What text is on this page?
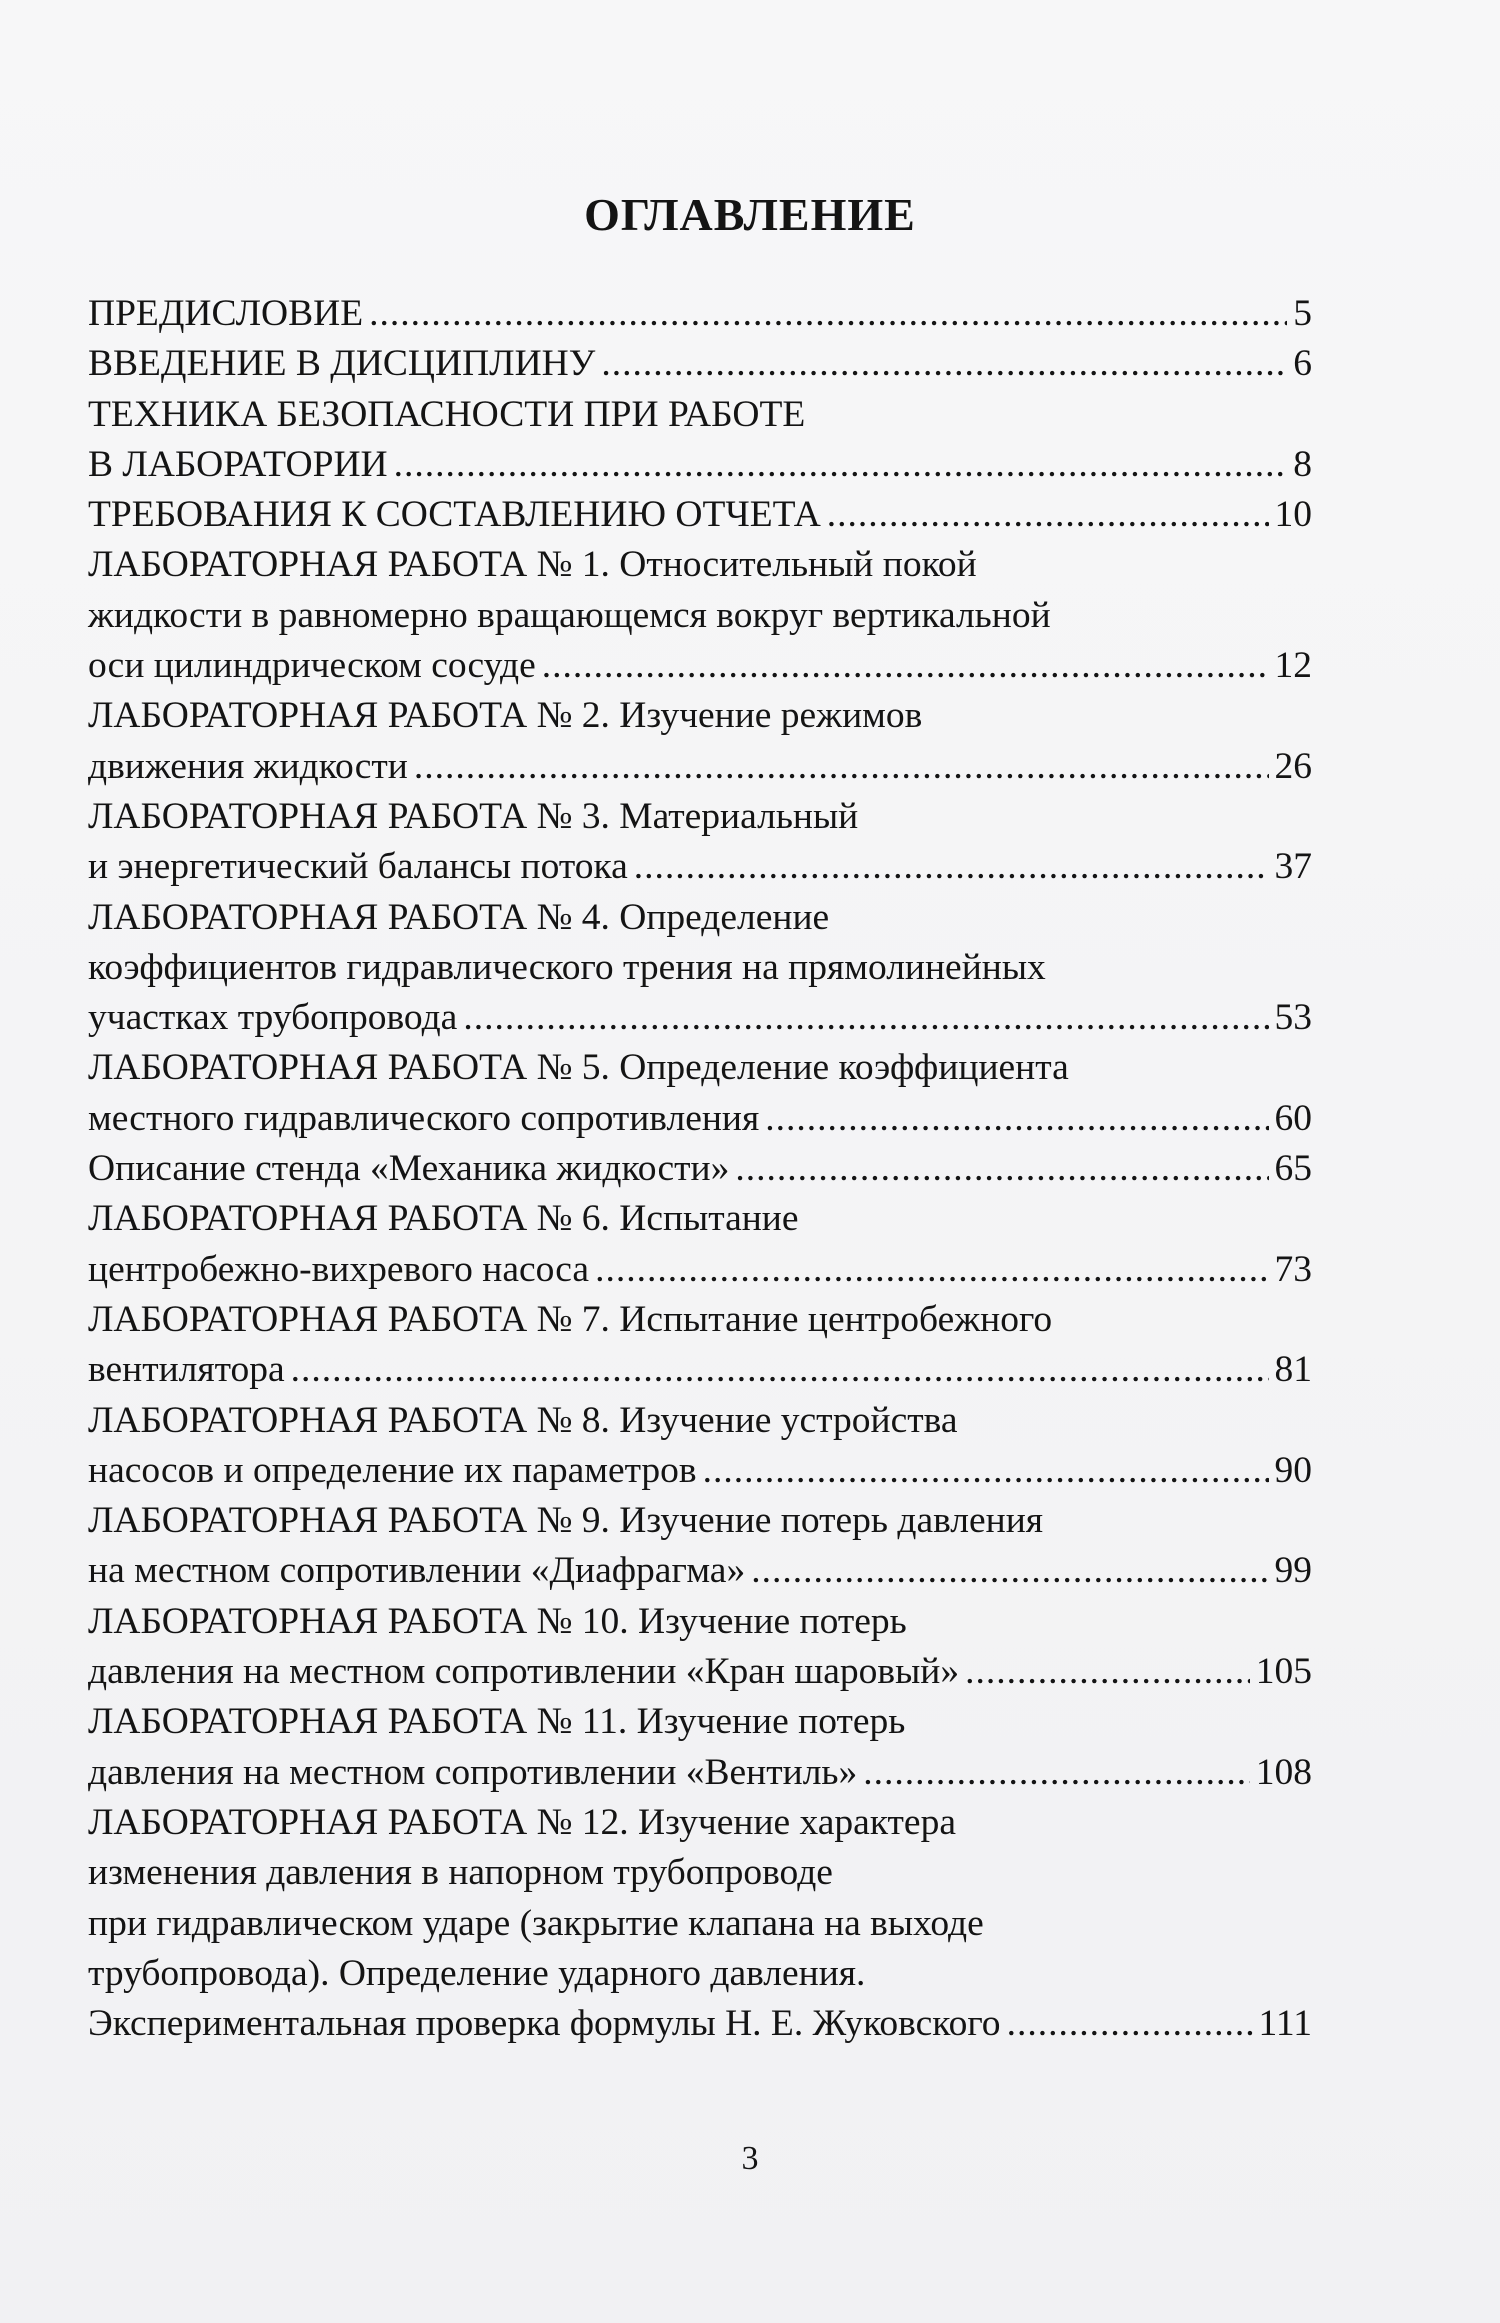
ОГЛАВЛЕНИЕ
ПРЕДИСЛОВИЕ .....	5
ВВЕДЕНИЕ В ДИСЦИПЛИНУ .....	6
ТЕХНИКА БЕЗОПАСНОСТИ ПРИ РАБОТЕ
В ЛАБОРАТОРИИ .....	8
ТРЕБОВАНИЯ К СОСТАВЛЕНИЮ ОТЧЕТА .....	10
ЛАБОРАТОРНАЯ РАБОТА № 1. Относительный покой
жидкости в равномерно вращающемся вокруг вертикальной
оси цилиндрическом сосуде .....	12
ЛАБОРАТОРНАЯ РАБОТА № 2. Изучение режимов
движения жидкости .....	26
ЛАБОРАТОРНАЯ РАБОТА № 3. Материальный
и энергетический балансы потока .....	37
ЛАБОРАТОРНАЯ РАБОТА № 4. Определение
коэффициентов гидравлического трения на прямолинейных
участках трубопровода .....	53
ЛАБОРАТОРНАЯ РАБОТА № 5. Определение коэффициента
местного гидравлического сопротивления .....	60
Описание стенда «Механика жидкости» .....	65
ЛАБОРАТОРНАЯ РАБОТА № 6. Испытание
центробежно-вихревого насоса .....	73
ЛАБОРАТОРНАЯ РАБОТА № 7. Испытание центробежного
вентилятора .....	81
ЛАБОРАТОРНАЯ РАБОТА № 8. Изучение устройства
насосов и определение их параметров .....	90
ЛАБОРАТОРНАЯ РАБОТА № 9. Изучение потерь давления
на местном сопротивлении «Диафрагма» .....	99
ЛАБОРАТОРНАЯ РАБОТА № 10. Изучение потерь
давления на местном сопротивлении «Кран шаровый» .....	105
ЛАБОРАТОРНАЯ РАБОТА № 11. Изучение потерь
давления на местном сопротивлении «Вентиль» .....	108
ЛАБОРАТОРНАЯ РАБОТА № 12. Изучение характера
изменения давления в напорном трубопроводе
при гидравлическом ударе (закрытие клапана на выходе
трубопровода). Определение ударного давления.
Экспериментальная проверка формулы Н. Е. Жуковского .....	111
3
